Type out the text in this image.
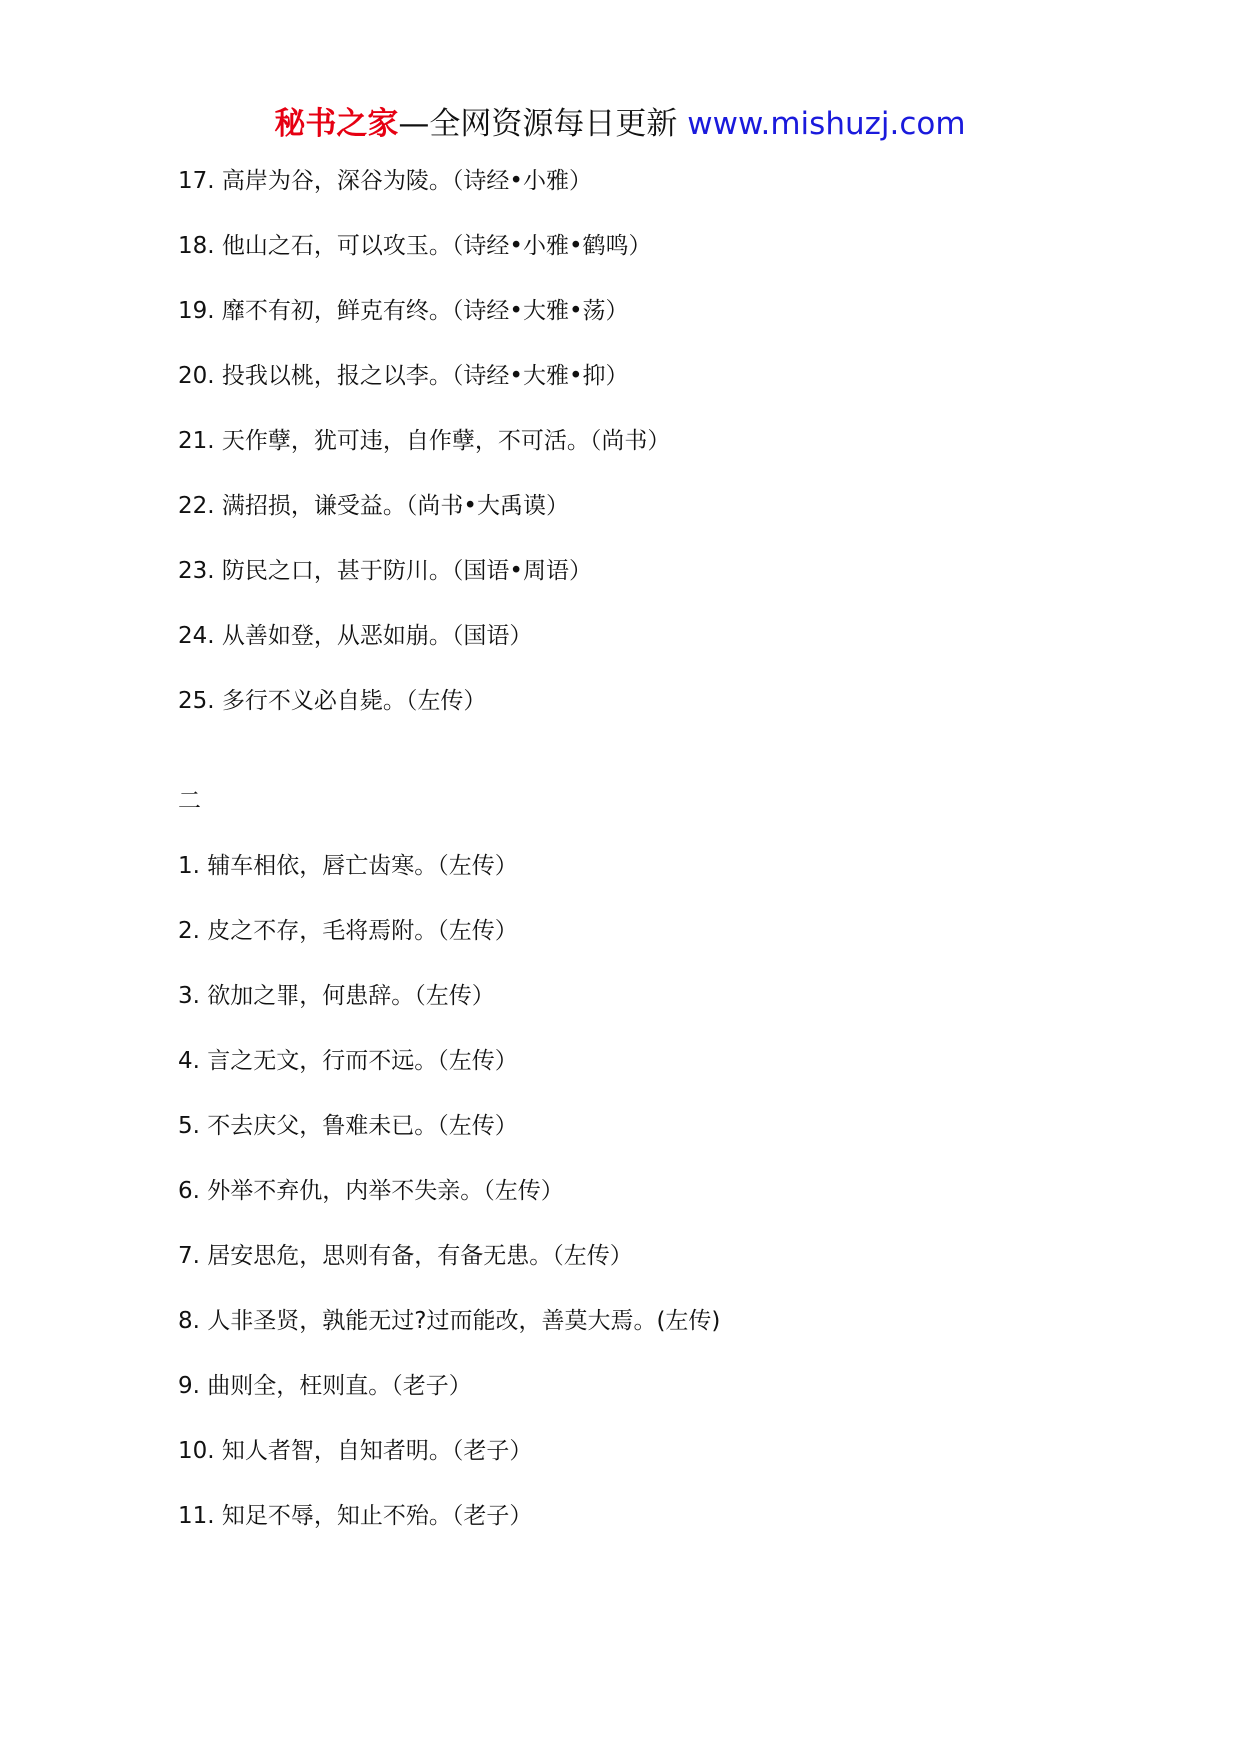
秘书之家—全网资源每日更新 www.mishuzj.com
17. 高岸为谷，深谷为陵。（诗经•小雅）
18. 他山之石，可以攻玉。（诗经•小雅•鹤鸣）
19. 靡不有初，鲜克有终。（诗经•大雅•荡）
20. 投我以桃，报之以李。（诗经•大雅•抑）
21. 天作孽，犹可违，自作孽，不可活。（尚书）
22. 满招损，谦受益。（尚书•大禹谟）
23. 防民之口，甚于防川。（国语•周语）
24. 从善如登，从恶如崩。（国语）
25. 多行不义必自毙。（左传）
二
1. 辅车相依，唇亡齿寒。（左传）
2. 皮之不存，毛将焉附。（左传）
3. 欲加之罪，何患辞。（左传）
4. 言之无文，行而不远。（左传）
5. 不去庆父，鲁难未已。（左传）
6. 外举不弃仇，内举不失亲。（左传）
7. 居安思危，思则有备，有备无患。（左传）
8. 人非圣贤，孰能无过?过而能改，善莫大焉。(左传)
9. 曲则全，枉则直。（老子）
10. 知人者智，自知者明。（老子）
11. 知足不辱，知止不殆。（老子）
